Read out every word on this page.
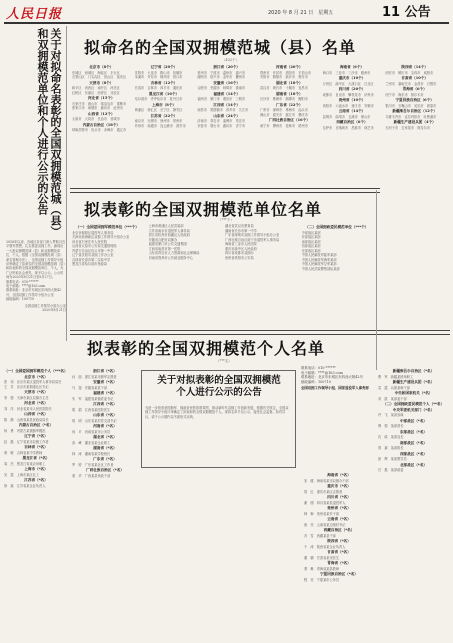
人民日报	2020 年 8 月 21 日　星期五	11 公告
关于对拟命名表彰的全国双拥模范城（县）和双拥模范单位和个人进行公示的公告
2016年以来，各地区各部门深入贯彻习近平强军思想，扎实推进双拥工作，涌现出一大批双拥模范城（县）和双拥模范单位、个人。根据《全国双拥模范城（县）命名管理办法》，全国双拥工作领导小组评审确定了拟命名的全国双拥模范城（县）和拟表彰的全国双拥模范单位、个人。为广泛听取社会意见，现予以公示。公示时间为2020年8月21日至8月27日。
联系电话：010-******
电子邮箱：****@163.com
联系地址：北京市东城区东四西大街42号，全国双拥工作领导小组办公室
邮政编码：100710
全国双拥工作领导小组办公室
2020年8月21日
拟命名的全国双拥模范城（县）名单
（432个）
北京市（8个）
东城区　西城区　海淀区　丰台区
石景山区　门头沟区　房山区　延庆区
天津市（8个）
和平区　河西区　南开区　河北区
红桥区　东丽区　西青区　北辰区
河北省（15个）
石家庄市　唐山市　秦皇岛市　邯郸市
张家口市　承德市　廊坊市　沧州市
山西省（12个）
太原市　大同市　长治市　晋城市
内蒙古自治区（18个）
呼和浩特市　包头市　赤峰市　通辽市
辽宁省（20个）
沈阳市　大连市　鞍山市　抚顺市
本溪市　丹东市　锦州市　营口市
吉林省（12个）
长春市　吉林市　四平市　通化市
黑龙江省（16个）
哈尔滨市　齐齐哈尔市　牡丹江市
上海市（8个）
黄浦区　徐汇区　长宁区　静安区
江苏省（22个）
南京市　无锡市　徐州市　常州市
苏州市　南通市　连云港市　淮安市
浙江省（20个）
杭州市　宁波市　温州市　嘉兴市
湖州市　绍兴市　金华市　衢州市
安徽省（16个）
合肥市　芜湖市　蚌埠市　淮南市
福建省（14个）
福州市　厦门市　莆田市　三明市
江西省（14个）
南昌市　景德镇市　萍乡市　九江市
山东省（24个）
济南市　青岛市　淄博市　枣庄市
东营市　烟台市　潍坊市　济宁市
河南省（20个）
郑州市　开封市　洛阳市　平顶山市
安阳市　鹤壁市　新乡市　焦作市
湖北省（18个）
武汉市　黄石市　十堰市　宜昌市
湖南省（18个）
长沙市　株洲市　湘潭市　衡阳市
广东省（22个）
广州市　深圳市　珠海市　汕头市
佛山市　韶关市　湛江市　肇庆市
广西壮族自治区（16个）
南宁市　柳州市　桂林市　梧州市
海南省（6个）
海口市　三亚市　三沙市　儋州市
重庆市（10个）
万州区　渝中区　大渡口区　江北区
四川省（20个）
成都市　自贡市　攀枝花市　泸州市
贵州省（10个）
贵阳市　六盘水市　遵义市　安顺市
云南省（14个）
昆明市　曲靖市　玉溪市　保山市
西藏自治区（6个）
拉萨市　日喀则市　昌都市　林芝市
陕西省（14个）
西安市　铜川市　宝鸡市　咸阳市
甘肃省（10个）
兰州市　嘉峪关市　金昌市　白银市
青海省（6个）
西宁市　海东市　格尔木市
宁夏回族自治区（6个）
银川市　石嘴山市　吴忠市　固原市
新疆维吾尔自治区（12个）
乌鲁木齐市　克拉玛依市　吐鲁番市
新疆生产建设兵团（4个）
石河子市　五家渠市　阿拉尔市
拟表彰的全国双拥模范单位名单
（***个）
（一）全国爱国拥军模范单位（***个）
北京市朝阳区退役军人事务局
天津市滨海新区双拥工作领导小组办公室
河北省石家庄市人民医院
山西省太原市公安局交通管理局
内蒙古自治区包头市第一中学
辽宁省沈阳市双拥工作办公室
吉林省长春市第二实验中学
黑龙江省哈尔滨市民政局
上海市黄浦区人民武装部
江苏省南京市退役军人事务局
浙江省杭州市西湖区人民政府
安徽省合肥市双拥办
福建省厦门市公共交通集团
江西省南昌市第一医院
山东省青岛市人力资源和社会保障局
河南省郑州市公共就业服务中心
湖北省武汉市教育局
湖南省长沙市第一中学
广东省深圳市双拥工作领导小组办公室
广西壮族自治区南宁市退役军人事务局
海南省三亚市人民医院
重庆市渝中区人民政府
四川省成都市双拥办
贵州省贵阳市公安局
（二）全国拥政爱民模范单位（***个）
中部战区某部
东部战区某部
南部战区某部
西部战区某部
北部战区某部
中国人民解放军陆军某部
中国人民解放军海军某部
中国人民解放军空军某部
中国人民武装警察部队某部
拟表彰的全国双拥模范个人名单
（***名）
（一）全国爱国拥军模范个人（***名）
北京市（*名）
张　伟　北京市某区退役军人事务局局长
王　芳　北京市某街道社区书记
天津市（*名）
李　强　天津市某区双拥办主任
河北省（*名）
刘　洋　河北省某市人民医院院长
山西省（*名）
陈　静　山西省某县民政局局长
内蒙古自治区（*名）
杨　勇　内蒙古某旗拥军模范
辽宁省（*名）
赵　磊　辽宁省某市双拥工作者
吉林省（*名）
黄　敏　吉林省某中学教师
黑龙江省（*名）
周　杰　黑龙江省某农场职工
上海市（*名）
吴　霞　上海市某区社工
江苏省（*名）
徐　斌　江苏省某企业负责人
浙江省（*名）
孙　丽　浙江省某市拥军志愿者
安徽省（*名）
马　超　安徽省某县干部
福建省（*名）
朱　军　福建省某镇党委书记
江西省（*名）
胡　娟　江西省某医院医生
山东省（*名）
郭　明　山东省某村党支部书记
河南省（*名）
何　平　河南省某市公务员
湖北省（*名）
高　峰　湖北省某企业职工
湖南省（*名）
林　涛　湖南省某学校校长
广东省（*名）
罗　婷　广东省某社区工作者
广西壮族自治区（*名）
梁　华　广西某县民政干部	海南省（*名）
宋　健　海南省某市双拥办干部
重庆市（*名）
郑　红　重庆市某区志愿者
四川省（*名）
谢　刚　四川省某县退役军人
贵州省（*名）
韩　梅　贵州省某乡干部
云南省（*名）
唐　亮　云南省某边境村书记
西藏自治区（*名）
冯　雪　西藏某县干部
陕西省（*名）
于　涛　陕西省某企业负责人
甘肃省（*名）
董　鹏　甘肃省某市医生
青海省（*名）
萧　琳　青海省某县教师
宁夏回族自治区（*名）
程　亮　宁夏某市公务员
新疆维吾尔自治区（*名）
曹　军　新疆某团场职工
新疆生产建设兵团（*名）
袁　霞　兵团某师干部
中央和国家机关（*名）
邓　凯　某部委干部
（二）全国拥政爱民模范个人（**名）
中央军委机关部门（*名）
许　飞　某部参谋
中部战区（*名）
傅　强　某部营长
东部战区（*名）
沈　威　某部连长
南部战区（*名）
曾　斌　某部排长
西部战区（*名）
彭　辉　某部教导员
北部战区（*名）
吕　磊　某部政委
关于对拟表彰的全国双拥模范个人进行公示的公告
为进一步营造爱国拥军、拥政爱民的浓厚氛围，推动新时代双拥工作创新发展，根据有关规定，全国双拥工作领导小组评审确定了拟表彰的全国双拥模范个人。现将名单予以公示，接受社会监督。如有异议，请于公示期内以书面形式反映。
联系电话：010-******
电子邮箱：****@163.com
联系地址：北京市东城区东四西大街42号
邮政编码：100710
全国双拥工作领导小组、国家退役军人事务部
